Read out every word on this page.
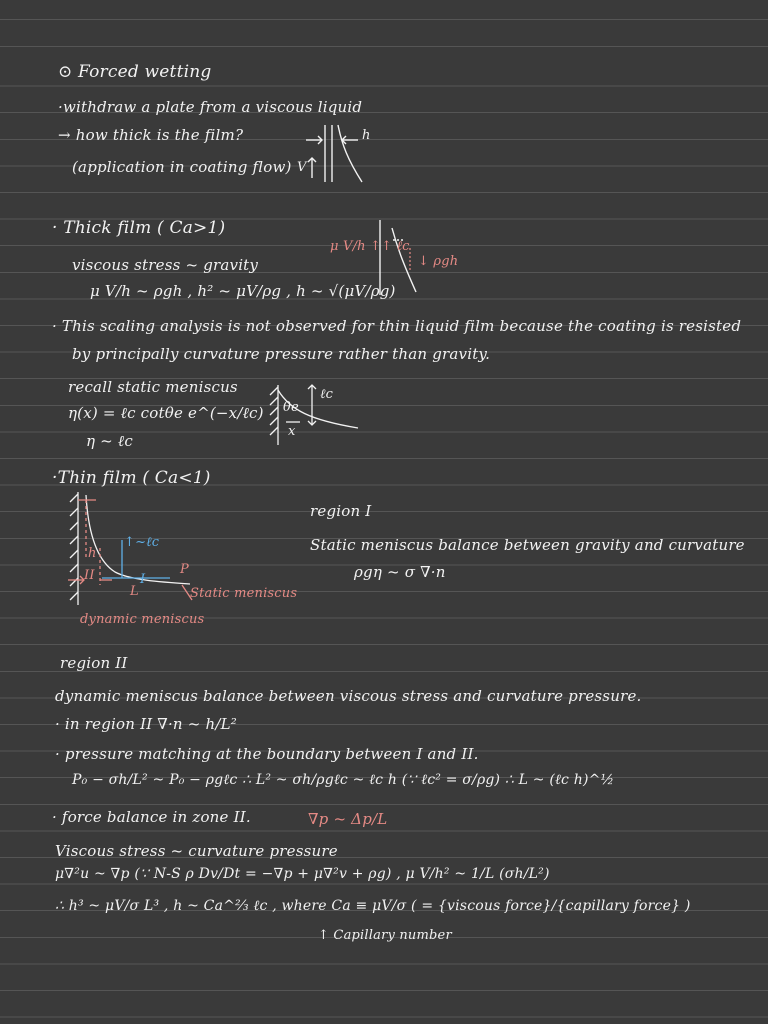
⊙ Forced wetting
·withdraw a plate from a viscous liquid
→ how thick is the film?
(application in coating flow)
h
V
· Thick film ( Ca>1)
μ V/h ↑↑ ℓc
↓ ρgh
viscous stress ~ gravity
μ V/h ~ ρgh , h² ~ μV/ρg , h ~ √(μV/ρg)
· This scaling analysis is not observed for thin liquid film because the coating is resisted
by principally curvature pressure rather than gravity.
recall static meniscus
η(x) = ℓc cotθe e^(−x/ℓc)
η ~ ℓc
θe
x
ℓc
·Thin film ( Ca<1)
II	I
h
↑~ℓc
L
P
Static meniscus
dynamic meniscus
region I
Static meniscus balance between gravity and curvature
ρgη ~ σ ∇·n
region II
dynamic meniscus balance between viscous stress and curvature pressure.
· in region II ∇·n ~ h/L²
· pressure matching at the boundary between I and II.
P₀ − σh/L² ~ P₀ − ρgℓc ∴ L² ~ σh/ρgℓc ~ ℓc h (∵ ℓc² = σ/ρg) ∴ L ~ (ℓc h)^½
· force balance in zone II.	∇p ~ Δp/L
Viscous stress ~ curvature pressure
μ∇²u ~ ∇p (∵ N-S ρ Dv/Dt = −∇p + μ∇²v + ρg) , μ V/h² ~ 1/L (σh/L²)
∴ h³ ~ μV/σ L³ , h ~ Ca^⅔ ℓc , where Ca ≡ μV/σ ( = {viscous force}/{capillary force} )
↑ Capillary number
